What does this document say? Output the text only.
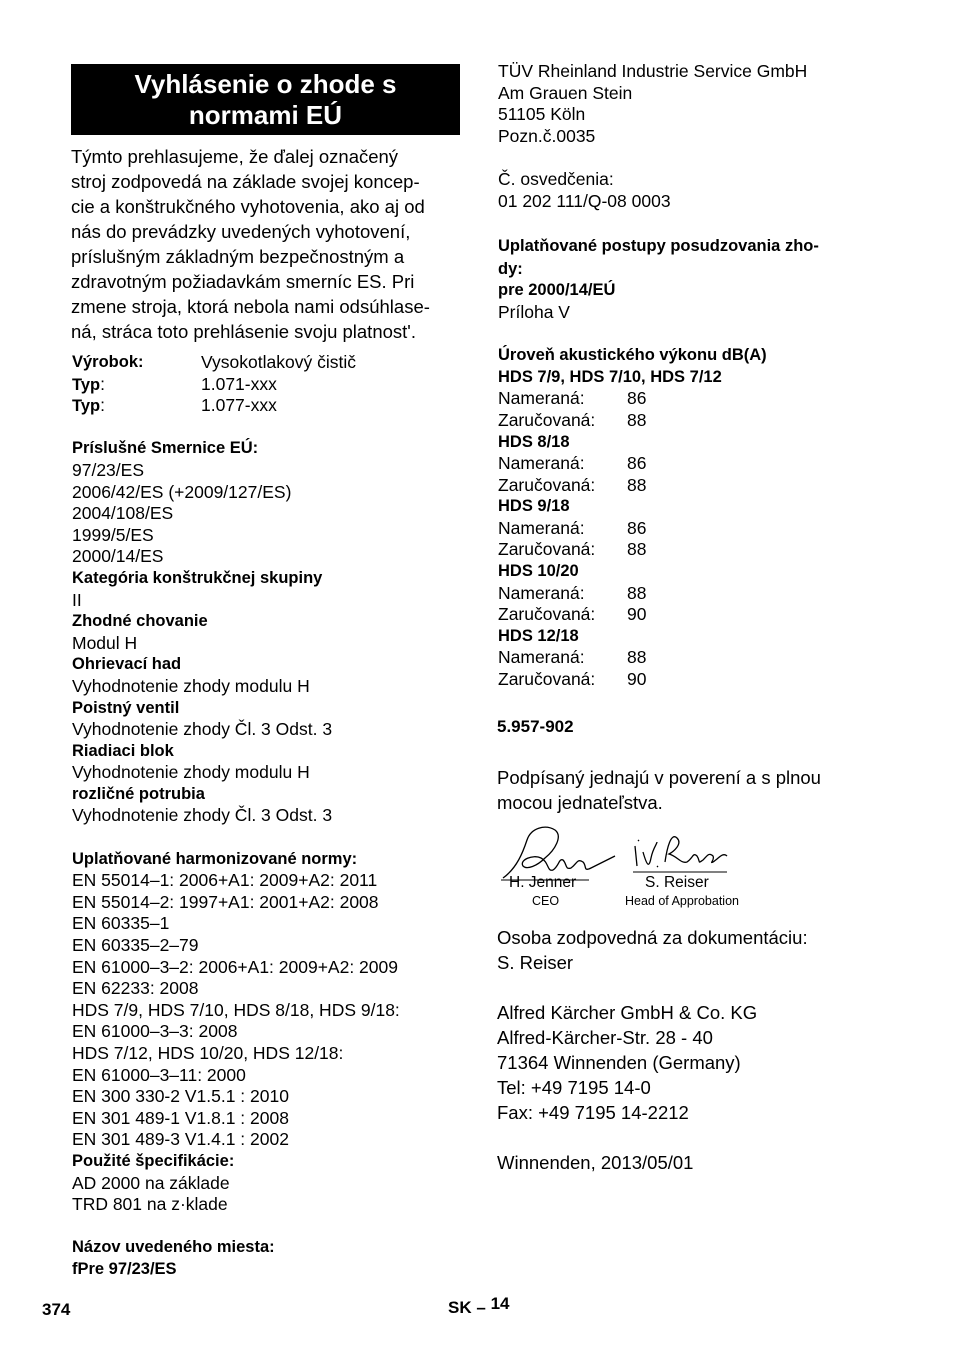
Vyhlásenie o zhode s
normami EÚ
Týmto prehlasujeme, že ďalej označený
stroj zodpovedá na základe svojej koncep-
cie a konštrukčného vyhotovenia, ako aj od
nás do prevádzky uvedených vyhotovení,
príslušným základným bezpečnostným a
zdravotným požiadavkám smerníc ES. Pri
zmene stroja, ktorá nebola nami odsúhlase-
ná, stráca toto prehlásenie svoju platnost'.
Výrobok:	Vysokotlakový čistič
Typ:	1.071-xxx
Typ:	1.077-xxx
Príslušné Smernice EÚ:
97/23/ES
2006/42/ES (+2009/127/ES)
2004/108/ES
1999/5/ES
2000/14/ES
Kategória konštrukčnej skupiny
II
Zhodné chovanie
Modul H
Ohrievací had
Vyhodnotenie zhody modulu H
Poistný ventil
Vyhodnotenie zhody Čl. 3 Odst. 3
Riadiaci blok
Vyhodnotenie zhody modulu H
rozličné potrubia
Vyhodnotenie zhody Čl. 3 Odst. 3
Uplatňované harmonizované normy:
EN 55014–1: 2006+A1: 2009+A2: 2011
EN 55014–2: 1997+A1: 2001+A2: 2008
EN 60335–1
EN 60335–2–79
EN 61000–3–2: 2006+A1: 2009+A2: 2009
EN 62233: 2008
HDS 7/9, HDS 7/10, HDS 8/18, HDS 9/18:
EN 61000–3–3: 2008
HDS 7/12, HDS 10/20, HDS 12/18:
EN 61000–3–11: 2000
EN 300 330-2 V1.5.1 : 2010
EN 301 489-1 V1.8.1 : 2008
EN 301 489-3 V1.4.1 : 2002
Použité špecifikácie:
AD 2000 na základe
TRD 801 na z·klade
Názov uvedeného miesta:
fPre 97/23/ES
TÜV Rheinland Industrie Service GmbH
Am Grauen Stein
51105 Köln
Pozn.č.0035
Č. osvedčenia:
01 202 111/Q-08 0003
Uplatňované postupy posudzovania zho-
dy:
pre 2000/14/EÚ
Príloha V
Úroveň akustického výkonu dB(A)
HDS 7/9, HDS 7/10, HDS 7/12
Nameraná:	86
Zaručovaná:	88
HDS 8/18
Nameraná:	86
Zaručovaná:	88
HDS 9/18
Nameraná:	86
Zaručovaná:	88
HDS 10/20
Nameraná:	88
Zaručovaná:	90
HDS 12/18
Nameraná:	88
Zaručovaná:	90
5.957-902
Podpísaný jednajú v poverení a s plnou
mocou jednateľstva.
H. Jenner
CEO
S. Reiser
Head of Approbation
Osoba zodpovedná za dokumentáciu:
S. Reiser
Alfred Kärcher GmbH & Co. KG
Alfred-Kärcher-Str. 28 - 40
71364 Winnenden (Germany)
Tel: +49 7195 14-0
Fax: +49 7195 14-2212
Winnenden, 2013/05/01
374	SK – 14
